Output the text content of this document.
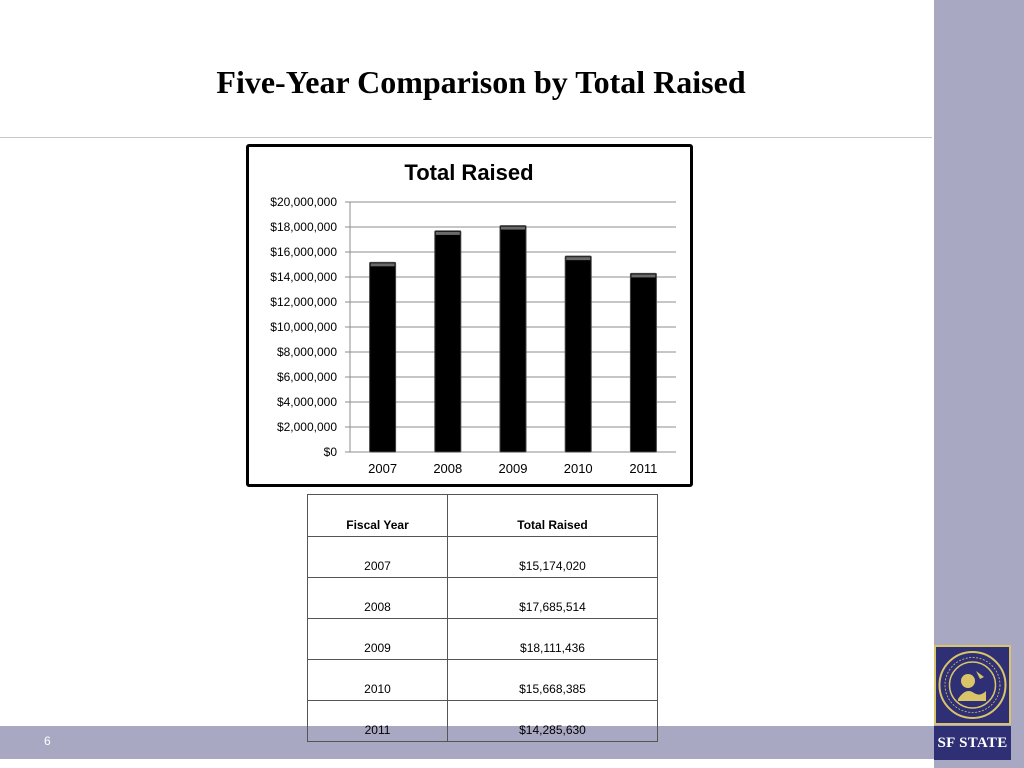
SF STATE
6
Five-Year Comparison by Total Raised
Total Raised
$0
$2,000,000
$4,000,000
$6,000,000
$8,000,000
$10,000,000
$12,000,000
$14,000,000
$16,000,000
$18,000,000
$20,000,000
2007	2008	2009	2010	2011
Fiscal Year	Total Raised
2007	$15,174,020
2008	$17,685,514
2009	$18,111,436
2010	$15,668,385
2011	$14,285,630
